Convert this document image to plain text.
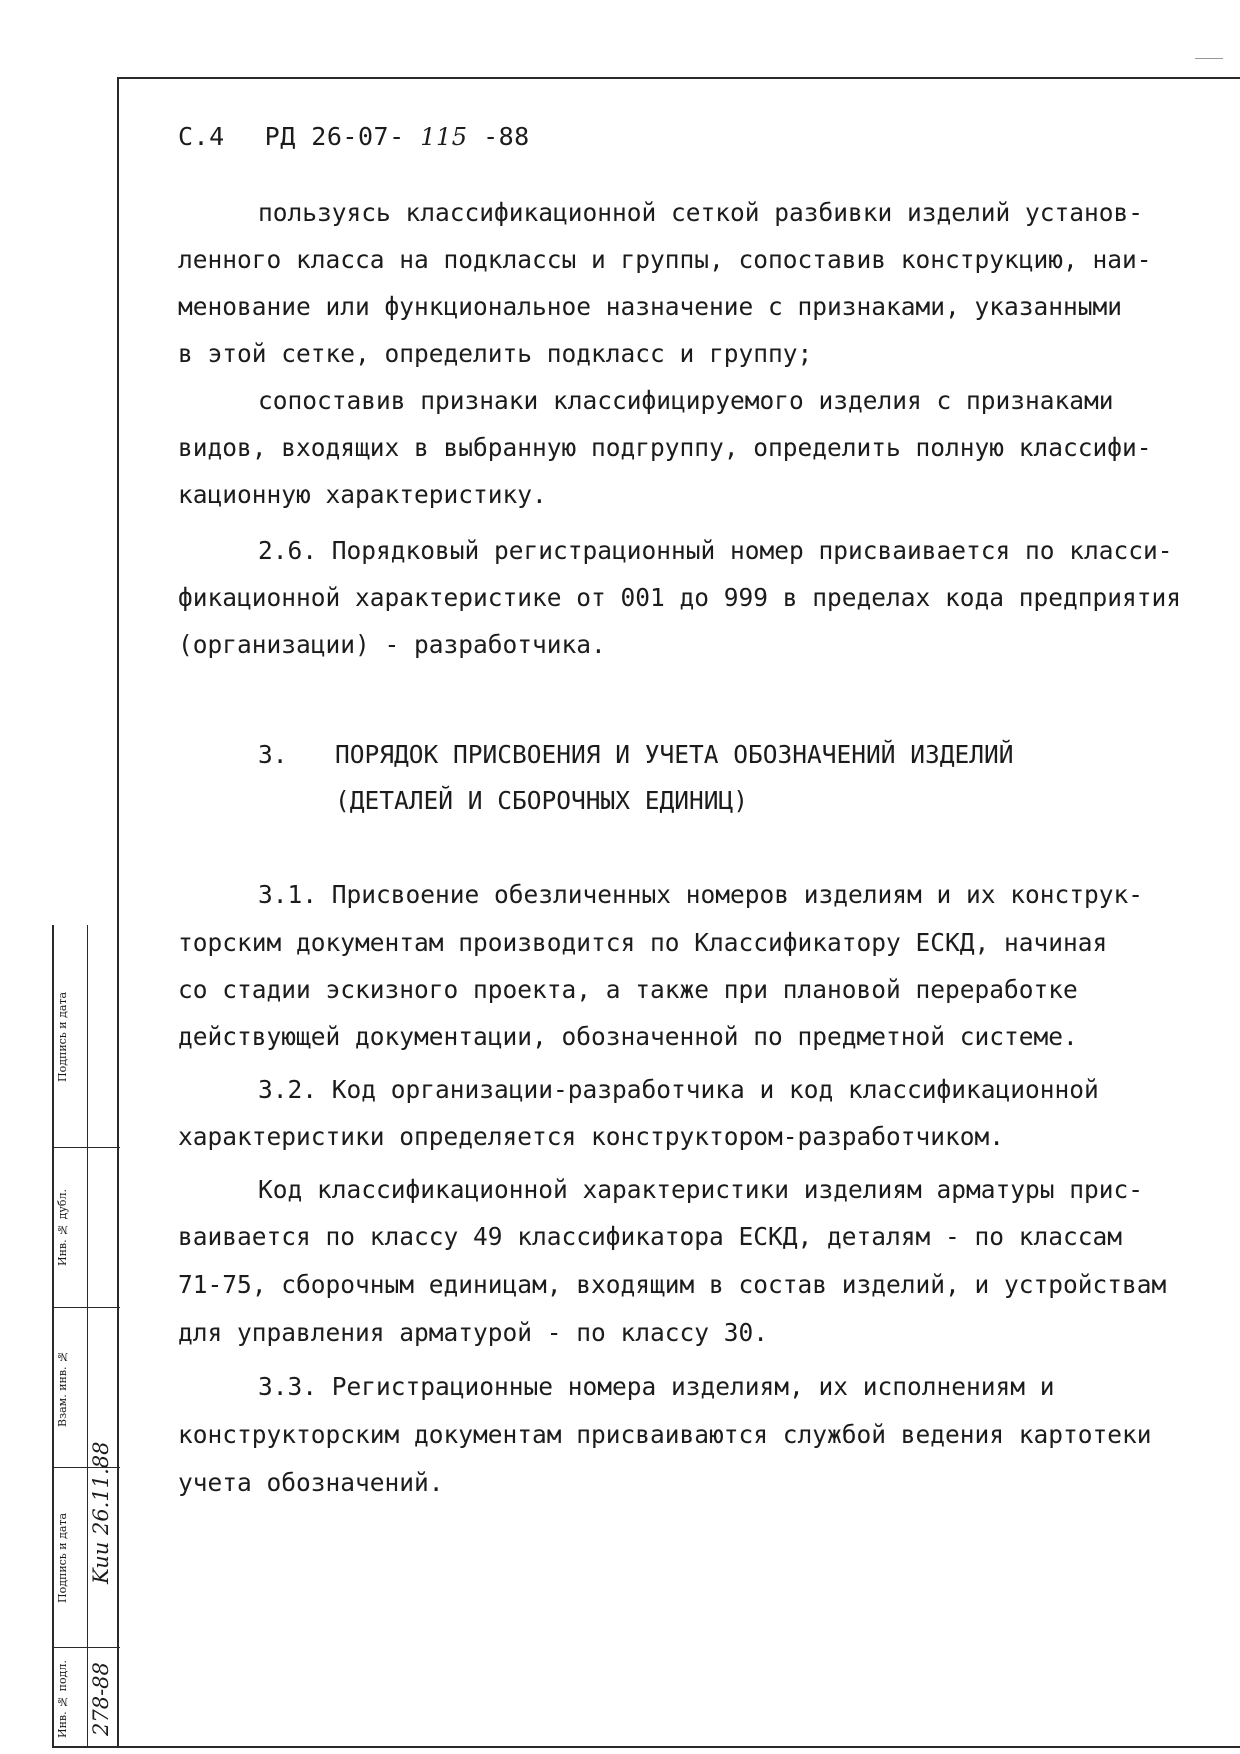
С.4 РД 26-07- 115 -88
пользуясь классификационной сеткой разбивки изделий установ-
ленного класса на подклассы и группы, сопоставив конструкцию, наи-
менование или функциональное назначение с признаками, указанными
в этой сетке, определить подкласс и группу;
сопоставив признаки классифицируемого изделия с признаками
видов, входящих в выбранную подгруппу, определить полную классифи-
кационную характеристику.
2.6. Порядковый регистрационный номер присваивается по класси-
фикационной характеристике от 001 до 999 в пределах кода предприятия
(организации) - разработчика.
3. ПОРЯДОК ПРИСВОЕНИЯ И УЧЕТА ОБОЗНАЧЕНИЙ ИЗДЕЛИЙ
(ДЕТАЛЕЙ И СБОРОЧНЫХ ЕДИНИЦ)
3.1. Присвоение обезличенных номеров изделиям и их конструк-
торским документам производится по Классификатору ЕСКД, начиная
со стадии эскизного проекта, а также при плановой переработке
действующей документации, обозначенной по предметной системе.
3.2. Код организации-разработчика и код классификационной
характеристики определяется конструктором-разработчиком.
Код классификационной характеристики изделиям арматуры прис-
ваивается по классу 49 классификатора ЕСКД, деталям - по классам
71-75, сборочным единицам, входящим в состав изделий, и устройствам
для управления арматурой - по классу 30.
3.3. Регистрационные номера изделиям, их исполнениям и
конструкторским документам присваиваются службой ведения картотеки
учета обозначений.
Подпись и дата
Инв. № дубл.
Взам. инв. №
Подпись и дата Kuu 26.11.88
Инв. № подл. 278-88
